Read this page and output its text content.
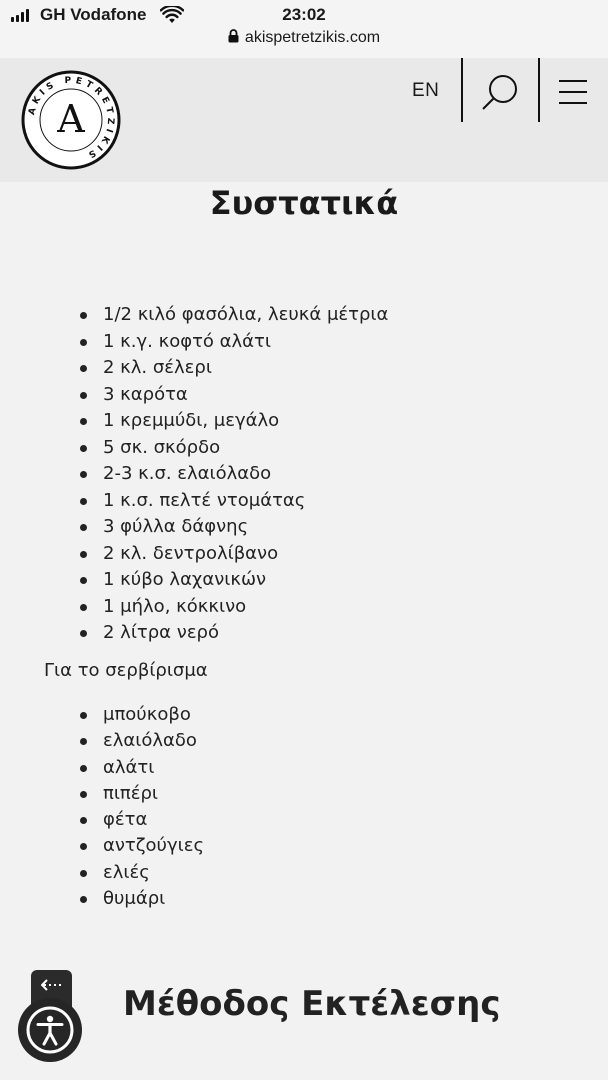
GH Vodafone	23:02
akispetretzikis.com
AKIS PETRETZIKIS
A
EN
Συστατικά
1/2 κιλό φασόλια, λευκά μέτρια
1 κ.γ. κοφτό αλάτι
2 κλ. σέλερι
3 καρότα
1 κρεμμύδι, μεγάλο
5 σκ. σκόρδο
2-3 κ.σ. ελαιόλαδο
1 κ.σ. πελτέ ντομάτας
3 φύλλα δάφνης
2 κλ. δεντρολίβανο
1 κύβο λαχανικών
1 μήλο, κόκκινο
2 λίτρα νερό
Για το σερβίρισμα
μπούκοβο
ελαιόλαδο
αλάτι
πιπέρι
φέτα
αντζούγιες
ελιές
θυμάρι
Μέθοδος Εκτέλεσης
